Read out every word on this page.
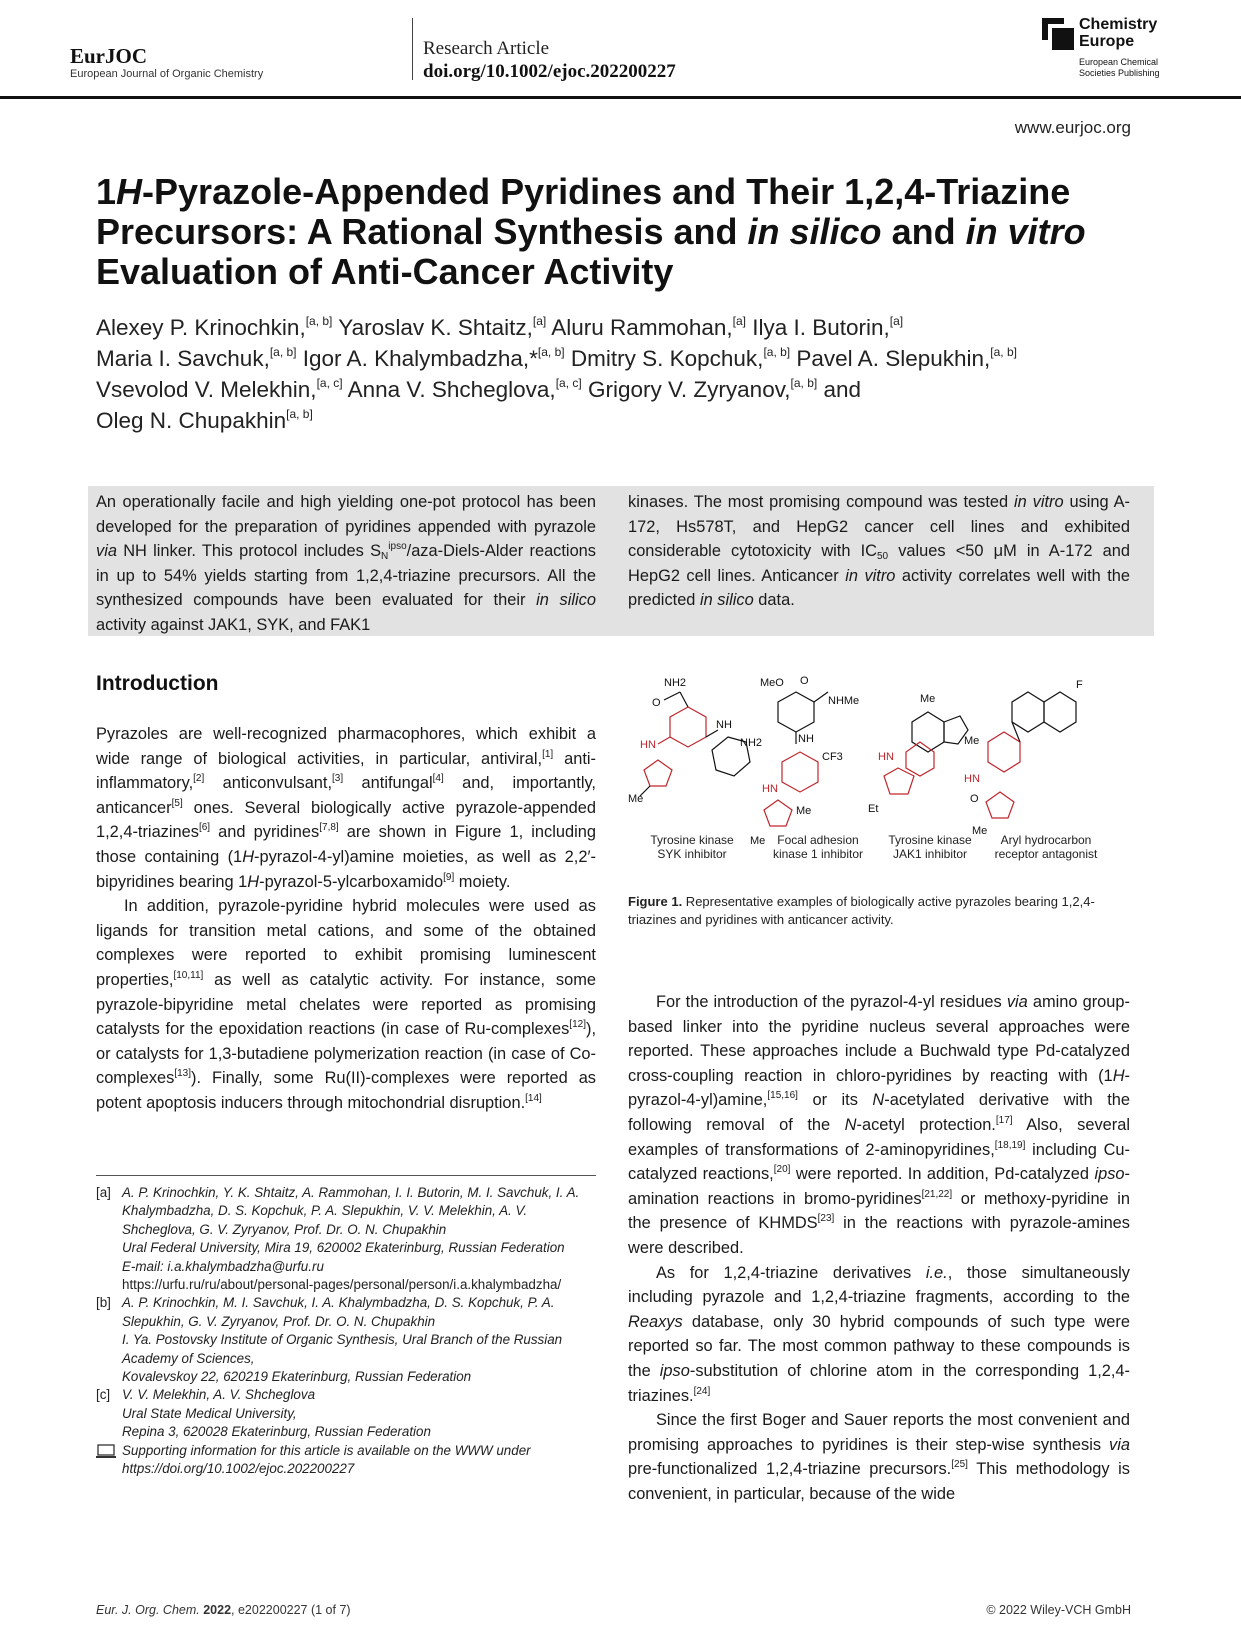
EurJOC
European Journal of Organic Chemistry
Research Article
doi.org/10.1002/ejoc.202200227
Chemistry
Europe
European Chemical
Societies Publishing
www.eurjoc.org
1H-Pyrazole-Appended Pyridines and Their 1,2,4-Triazine Precursors: A Rational Synthesis and in silico and in vitro Evaluation of Anti-Cancer Activity
Alexey P. Krinochkin,[a, b] Yaroslav K. Shtaitz,[a] Aluru Rammohan,[a] Ilya I. Butorin,[a]
Maria I. Savchuk,[a, b] Igor A. Khalymbadzha,*[a, b] Dmitry S. Kopchuk,[a, b] Pavel A. Slepukhin,[a, b]
Vsevolod V. Melekhin,[a, c] Anna V. Shcheglova,[a, c] Grigory V. Zyryanov,[a, b] and
Oleg N. Chupakhin[a, b]

An operationally facile and high yielding one-pot protocol has been developed for the preparation of pyridines appended with pyrazole via NH linker. This protocol includes $S_N^{ipso}/aza-Diels$-Alder reactions in up to 54% yields starting from 1,2,4-triazine precursors. All the synthesized compounds have been evaluated for their in silico activity against JAK1, SYK, and FAK1

kinases. The most promising compound was tested in vitro using A-172, Hs578T, and HepG2 cancer cell lines and exhibited considerable cytotoxicity with $IC_{50}$ values <50 μM in A-172 and HepG2 cell lines. Anticancer in vitro activity correlates well with the predicted in silico data.

Introduction

Pyrazoles are well-recognized pharmacophores, which exhibit a wide range of biological activities, in particular, antiviral,[1] anti-inflammatory,[2] anticonvulsant,[3] antifungal[4] and, importantly, anticancer[5] ones. Several biologically active pyrazole-appended 1,2,4-triazines[6] and pyridines[7,8] are shown in Figure 1, including those containing (1H-pyrazol-4-yl)amine moieties, as well as 2,2′-bipyridines bearing 1H-pyrazol-5-ylcarboxamido[9] moiety.

In addition, pyrazole-pyridine hybrid molecules were used as ligands for transition metal cations, and some of the obtained complexes were reported to exhibit promising luminescent properties,[10,11] as well as catalytic activity. For instance, some pyrazole-bipyridine metal chelates were reported as promising catalysts for the epoxidation reactions (in case of Ru-complexes[12]), or catalysts for 1,3-butadiene polymerization reaction (in case of Co-complexes[13]). Finally, some Ru(II)-complexes were reported as potent apoptosis inducers through mitochondrial disruption.[14]

NH2
O
HN
NH
NH2
Me
MeO O
NHMe
NH
CF3
HN
Me
Me
Me
HN
Et
F
Me
HN
O
Me
Tyrosine kinase
SYK inhibitor
Focal adhesion
kinase 1 inhibitor
Tyrosine kinase
JAK1 inhibitor
Aryl hydrocarbon
receptor antagonist

Figure 1. Representative examples of biologically active pyrazoles bearing 1,2,4-triazines and pyridines with anticancer activity.

For the introduction of the pyrazol-4-yl residues via amino group-based linker into the pyridine nucleus several approaches were reported. These approaches include a Buchwald type Pd-catalyzed cross-coupling reaction in chloro-pyridines by reacting with (1H-pyrazol-4-yl)amine,[15,16] or its N-acetylated derivative with the following removal of the N-acetyl protection.[17] Also, several examples of transformations of 2-aminopyridines,[18,19] including Cu-catalyzed reactions,[20] were reported. In addition, Pd-catalyzed ipso-amination reactions in bromo-pyridines[21,22] or methoxy-pyridine in the presence of KHMDS[23] in the reactions with pyrazole-amines were described.

As for 1,2,4-triazine derivatives i.e., those simultaneously including pyrazole and 1,2,4-triazine fragments, according to the Reaxys database, only 30 hybrid compounds of such type were reported so far. The most common pathway to these compounds is the ipso-substitution of chlorine atom in the corresponding 1,2,4-triazines.[24]

Since the first Boger and Sauer reports the most convenient and promising approaches to pyridines is their step-wise synthesis via pre-functionalized 1,2,4-triazine precursors.[25] This methodology is convenient, in particular, because of the wide

[a] A. P. Krinochkin, Y. K. Shtaitz, A. Rammohan, I. I. Butorin, M. I. Savchuk, I. A. Khalymbadzha, D. S. Kopchuk, P. A. Slepukhin, V. V. Melekhin, A. V. Shcheglova, G. V. Zyryanov, Prof. Dr. O. N. Chupakhin
Ural Federal University, Mira 19, 620002 Ekaterinburg, Russian Federation
E-mail: i.a.khalymbadzha@urfu.ru
https://urfu.ru/ru/about/personal-pages/personal/person/i.a.khalymbadzha/
[b] A. P. Krinochkin, M. I. Savchuk, I. A. Khalymbadzha, D. S. Kopchuk, P. A. Slepukhin, G. V. Zyryanov, Prof. Dr. O. N. Chupakhin
I. Ya. Postovsky Institute of Organic Synthesis, Ural Branch of the Russian Academy of Sciences,
Kovalevskoy 22, 620219 Ekaterinburg, Russian Federation
[c] V. V. Melekhin, A. V. Shcheglova
Ural State Medical University,
Repina 3, 620028 Ekaterinburg, Russian Federation
Supporting information for this article is available on the WWW under https://doi.org/10.1002/ejoc.202200227
Eur. J. Org. Chem. 2022, e202200227 (1 of 7)	© 2022 Wiley-VCH GmbH
